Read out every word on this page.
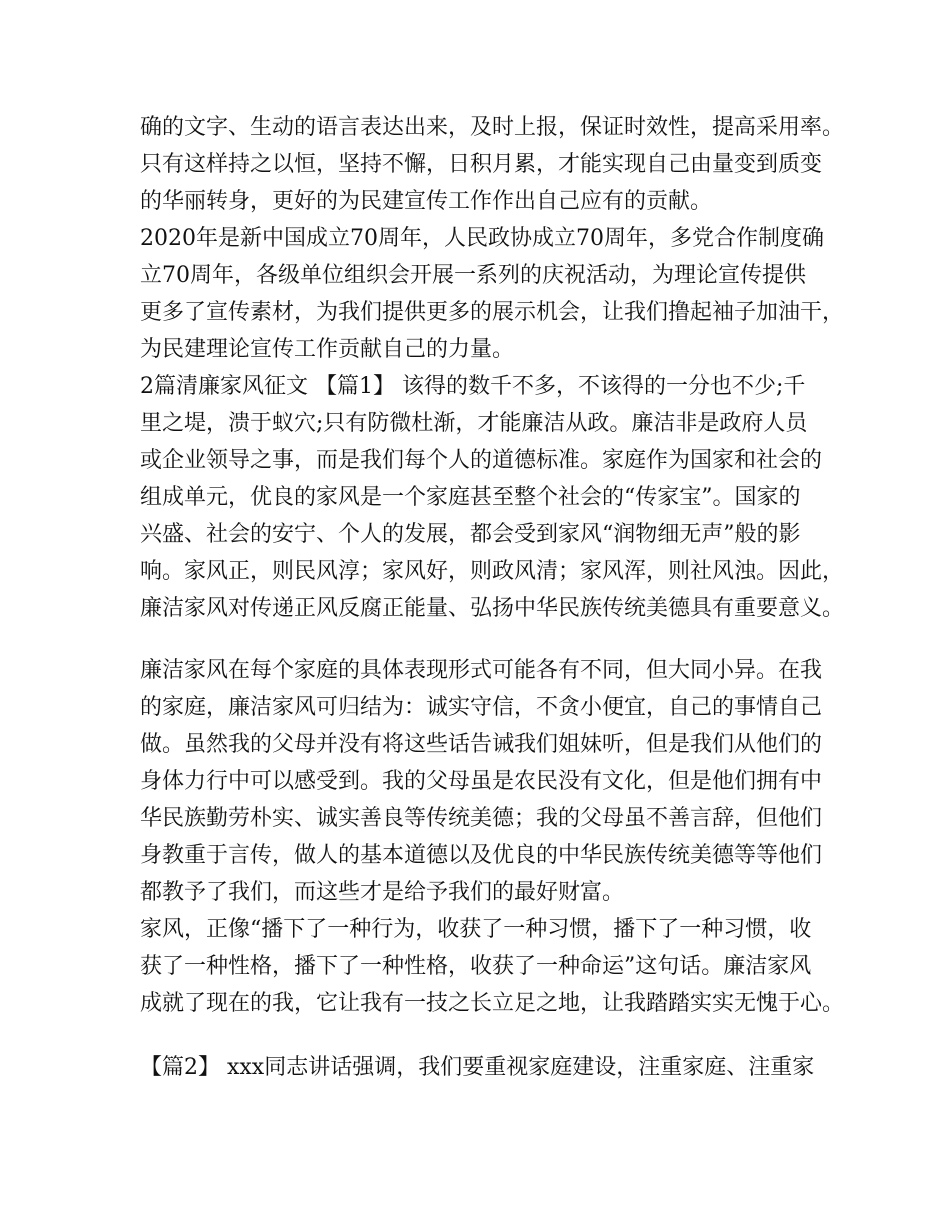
确的文字、生动的语言表达出来，及时上报，保证时效性，提高采用率。
只有这样持之以恒，坚持不懈，日积月累，才能实现自己由量变到质变
的华丽转身，更好的为民建宣传工作作出自己应有的贡献。
2020年是新中国成立70周年，人民政协成立70周年，多党合作制度确
立70周年，各级单位组织会开展一系列的庆祝活动，为理论宣传提供
更多了宣传素材，为我们提供更多的展示机会，让我们撸起袖子加油干，
为民建理论宣传工作贡献自己的力量。
2篇清廉家风征文 【篇1】 该得的数千不多，不该得的一分也不少;千
里之堤，溃于蚁穴;只有防微杜渐，才能廉洁从政。廉洁非是政府人员
或企业领导之事，而是我们每个人的道德标准。家庭作为国家和社会的
组成单元，优良的家风是一个家庭甚至整个社会的“传家宝”。国家的
兴盛、社会的安宁、个人的发展，都会受到家风“润物细无声”般的影
响。家风正，则民风淳；家风好，则政风清；家风浑，则社风浊。因此，
廉洁家风对传递正风反腐正能量、弘扬中华民族传统美德具有重要意义。
廉洁家风在每个家庭的具体表现形式可能各有不同，但大同小异。在我
的家庭，廉洁家风可归结为：诚实守信，不贪小便宜，自己的事情自己
做。虽然我的父母并没有将这些话告诫我们姐妹听，但是我们从他们的
身体力行中可以感受到。我的父母虽是农民没有文化，但是他们拥有中
华民族勤劳朴实、诚实善良等传统美德；我的父母虽不善言辞，但他们
身教重于言传，做人的基本道德以及优良的中华民族传统美德等等他们
都教予了我们，而这些才是给予我们的最好财富。
家风，正像“播下了一种行为，收获了一种习惯，播下了一种习惯，收
获了一种性格，播下了一种性格，收获了一种命运”这句话。廉洁家风
成就了现在的我，它让我有一技之长立足之地，让我踏踏实实无愧于心。
【篇2】 xxx同志讲话强调，我们要重视家庭建设，注重家庭、注重家
